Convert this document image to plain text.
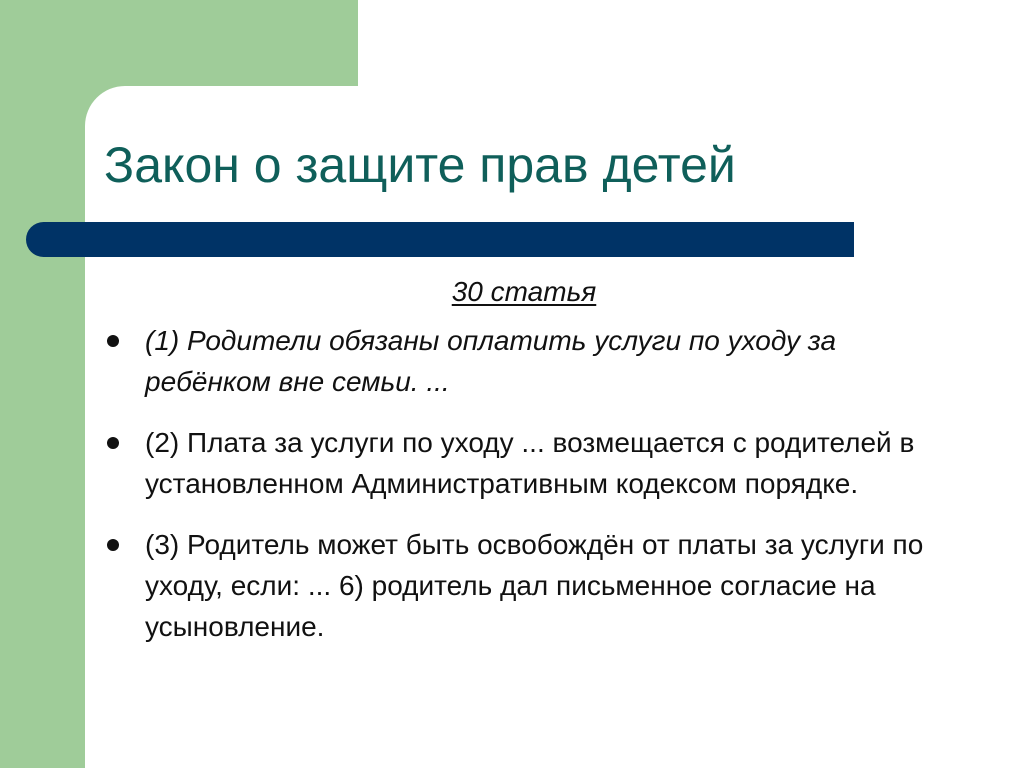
Закон о защите прав детей
30 статья
(1) Родители обязаны оплатить услуги по уходу за ребёнком вне семьи. ...
(2) Плата за услуги по уходу ... возмещается с родителей в установленном Административным кодексом порядке.
(3) Родитель может быть освобождён от платы за услуги по уходу, если: ... 6) родитель дал письменное согласие на усыновление.
